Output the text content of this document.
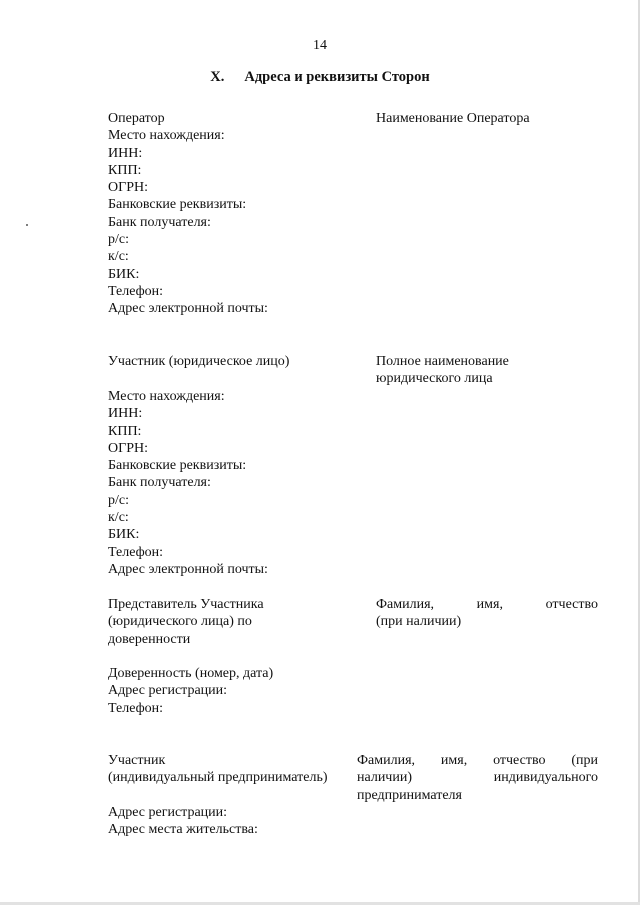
14
X. Адреса и реквизиты Сторон
Оператор
Место нахождения:
ИНН:
КПП:
ОГРН:
Банковские реквизиты:
Банк получателя:
р/с:
к/с:
БИК:
Телефон:
Адрес электронной почты:
Наименование Оператора
Участник (юридическое лицо)	Полное наименование
юридического лица
Место нахождения:
ИНН:
КПП:
ОГРН:
Банковские реквизиты:
Банк получателя:
р/с:
к/с:
БИК:
Телефон:
Адрес электронной почты:
Представитель Участника
(юридического лица) по
доверенности
Фамилия, имя, отчество
(при наличии)
Доверенность (номер, дата)
Адрес регистрации:
Телефон:
Участник
(индивидуальный предприниматель)
Фамилия, имя, отчество (при
наличии) индивидуального
предпринимателя
Адрес регистрации:
Адрес места жительства:
